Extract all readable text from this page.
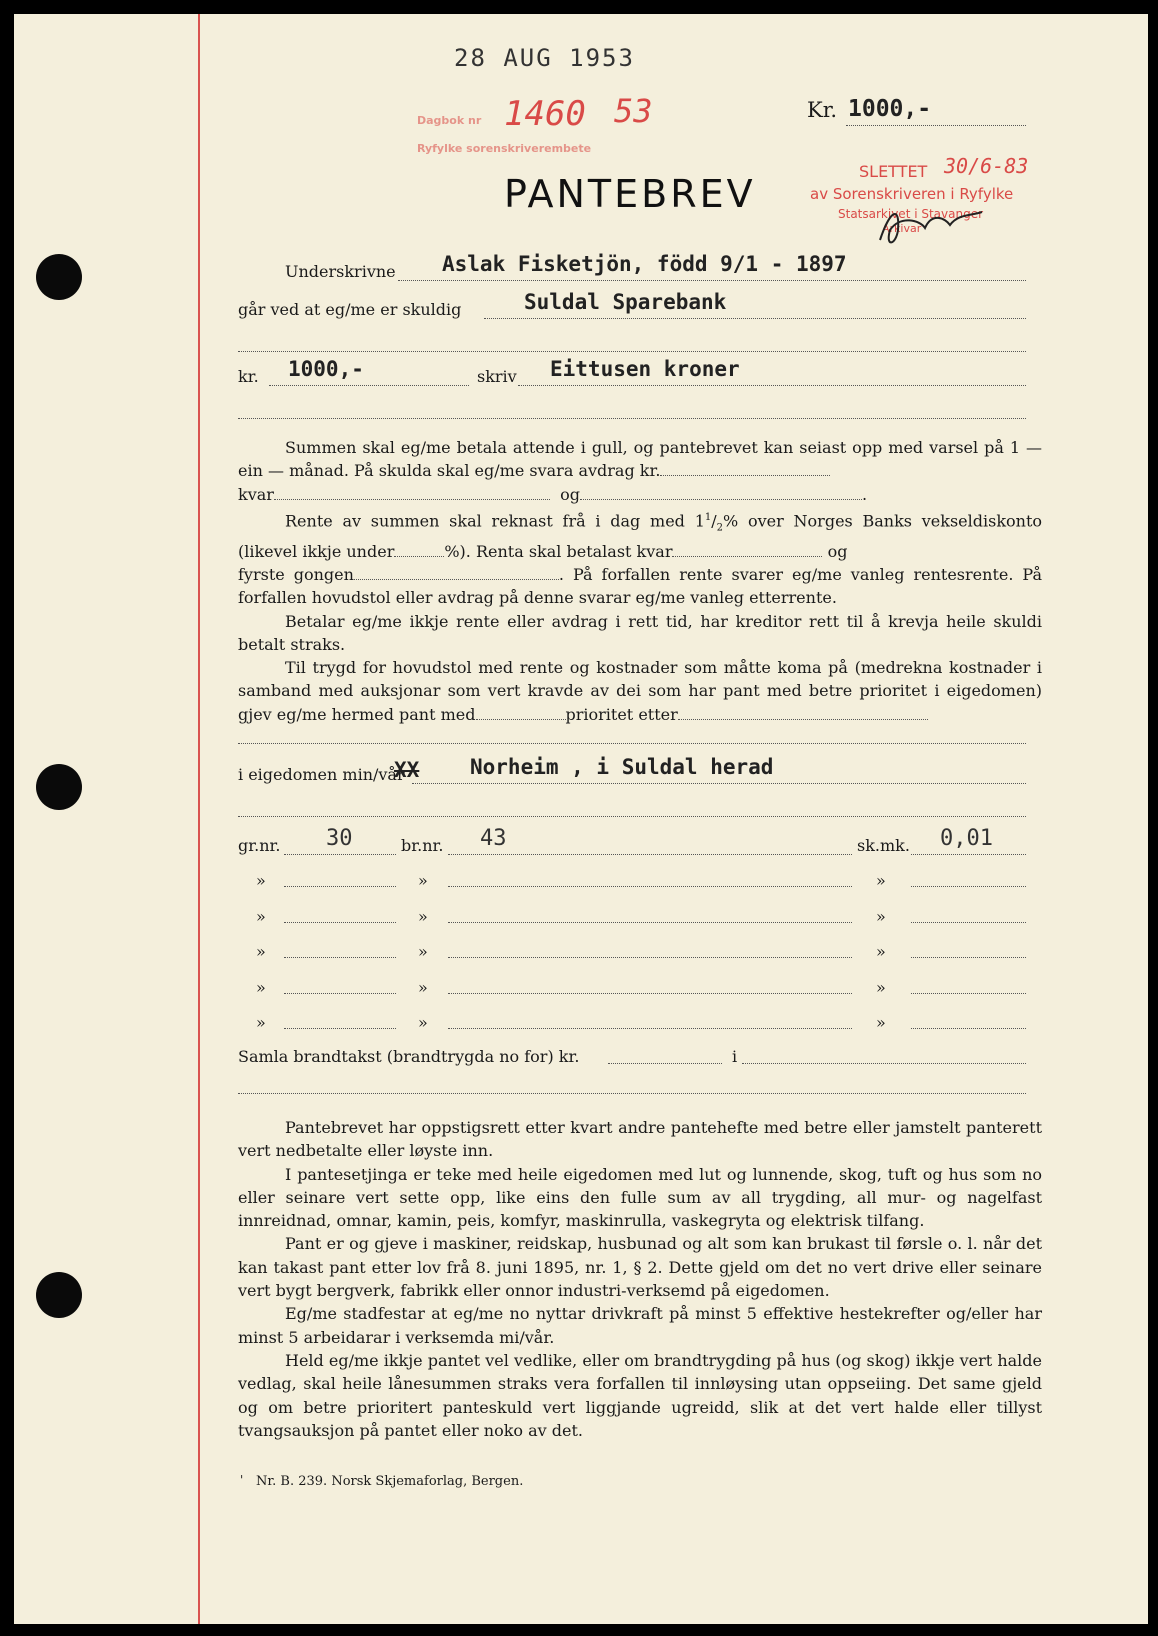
28 AUG 1953
Dagbok nr
Ryfylke sorenskriverembete
1460 53	Kr. 1000,-
PANTEBREV
SLETTET 30/6-83
av Sorenskriveren i Ryfylke
Statsarkivet i Stavanger
Arkivar
Underskrivne Aslak Fisketjön, född 9/1 - 1897
går ved at eg/me er skuldig	Suldal Sparebank
kr. 1000,-	skriv Eittusen kroner

Summen skal eg/me betala attende i gull, og pantebrevet kan seiast opp med varsel på 1 — ein — månad. På skulda skal eg/me svara avdrag kr.

kvar	og	.

Rente av summen skal reknast frå i dag med $1^1/_2\%$ over Norges Banks vekseldiskonto (likevel ikkje under	%). Renta skal betalast kvar	og
fyrste gongen	. På forfallen rente svarer eg/me vanleg rentesrente. På forfallen hovudstol eller avdrag på denne svarar eg/me vanleg etterrente.

Betalar eg/me ikkje rente eller avdrag i rett tid, har kreditor rett til å krevja heile skuldi betalt straks.

Til trygd for hovudstol med rente og kostnader som måtte koma på (medrekna kostnader i samband med auksjonar som vert kravde av dei som har pant med betre prioritet i eigedomen) gjev eg/me hermed pant med	prioritet etter

i eigedomen min/vår
XX Norheim , i Suldal herad
gr.nr. 30	br.nr. 43	sk.mk. 0,01
»	»	»
»	»	»
»	»	»
»	»	»
»	»	»
Samla brandtakst (brandtrygda no for) kr.	i

Pantebrevet har oppstigsrett etter kvart andre pantehefte med betre eller jamstelt panterett vert nedbetalte eller løyste inn.

I pantesetjinga er teke med heile eigedomen med lut og lunnende, skog, tuft og hus som no eller seinare vert sette opp, like eins den fulle sum av all trygding, all mur- og nagelfast innreidnad, omnar, kamin, peis, komfyr, maskinrulla, vaskegryta og elektrisk tilfang.

Pant er og gjeve i maskiner, reidskap, husbunad og alt som kan brukast til førsle o. l. når det kan takast pant etter lov frå 8. juni 1895, nr. 1, § 2. Dette gjeld om det no vert drive eller seinare vert bygt bergverk, fabrikk eller onnor industri-verksemd på eigedomen.

Eg/me stadfestar at eg/me no nyttar drivkraft på minst 5 effektive hestekrefter og/eller har minst 5 arbeidarar i verksemda mi/vår.

Held eg/me ikkje pantet vel vedlike, eller om brandtrygding på hus (og skog) ikkje vert halde vedlag, skal heile lånesummen straks vera forfallen til innløysing utan oppseiing. Det same gjeld og om betre prioritert panteskuld vert liggjande ugreidd, slik at det vert halde eller tillyst tvangsauksjon på pantet eller noko av det.

' Nr. B. 239. Norsk Skjemaforlag, Bergen.
